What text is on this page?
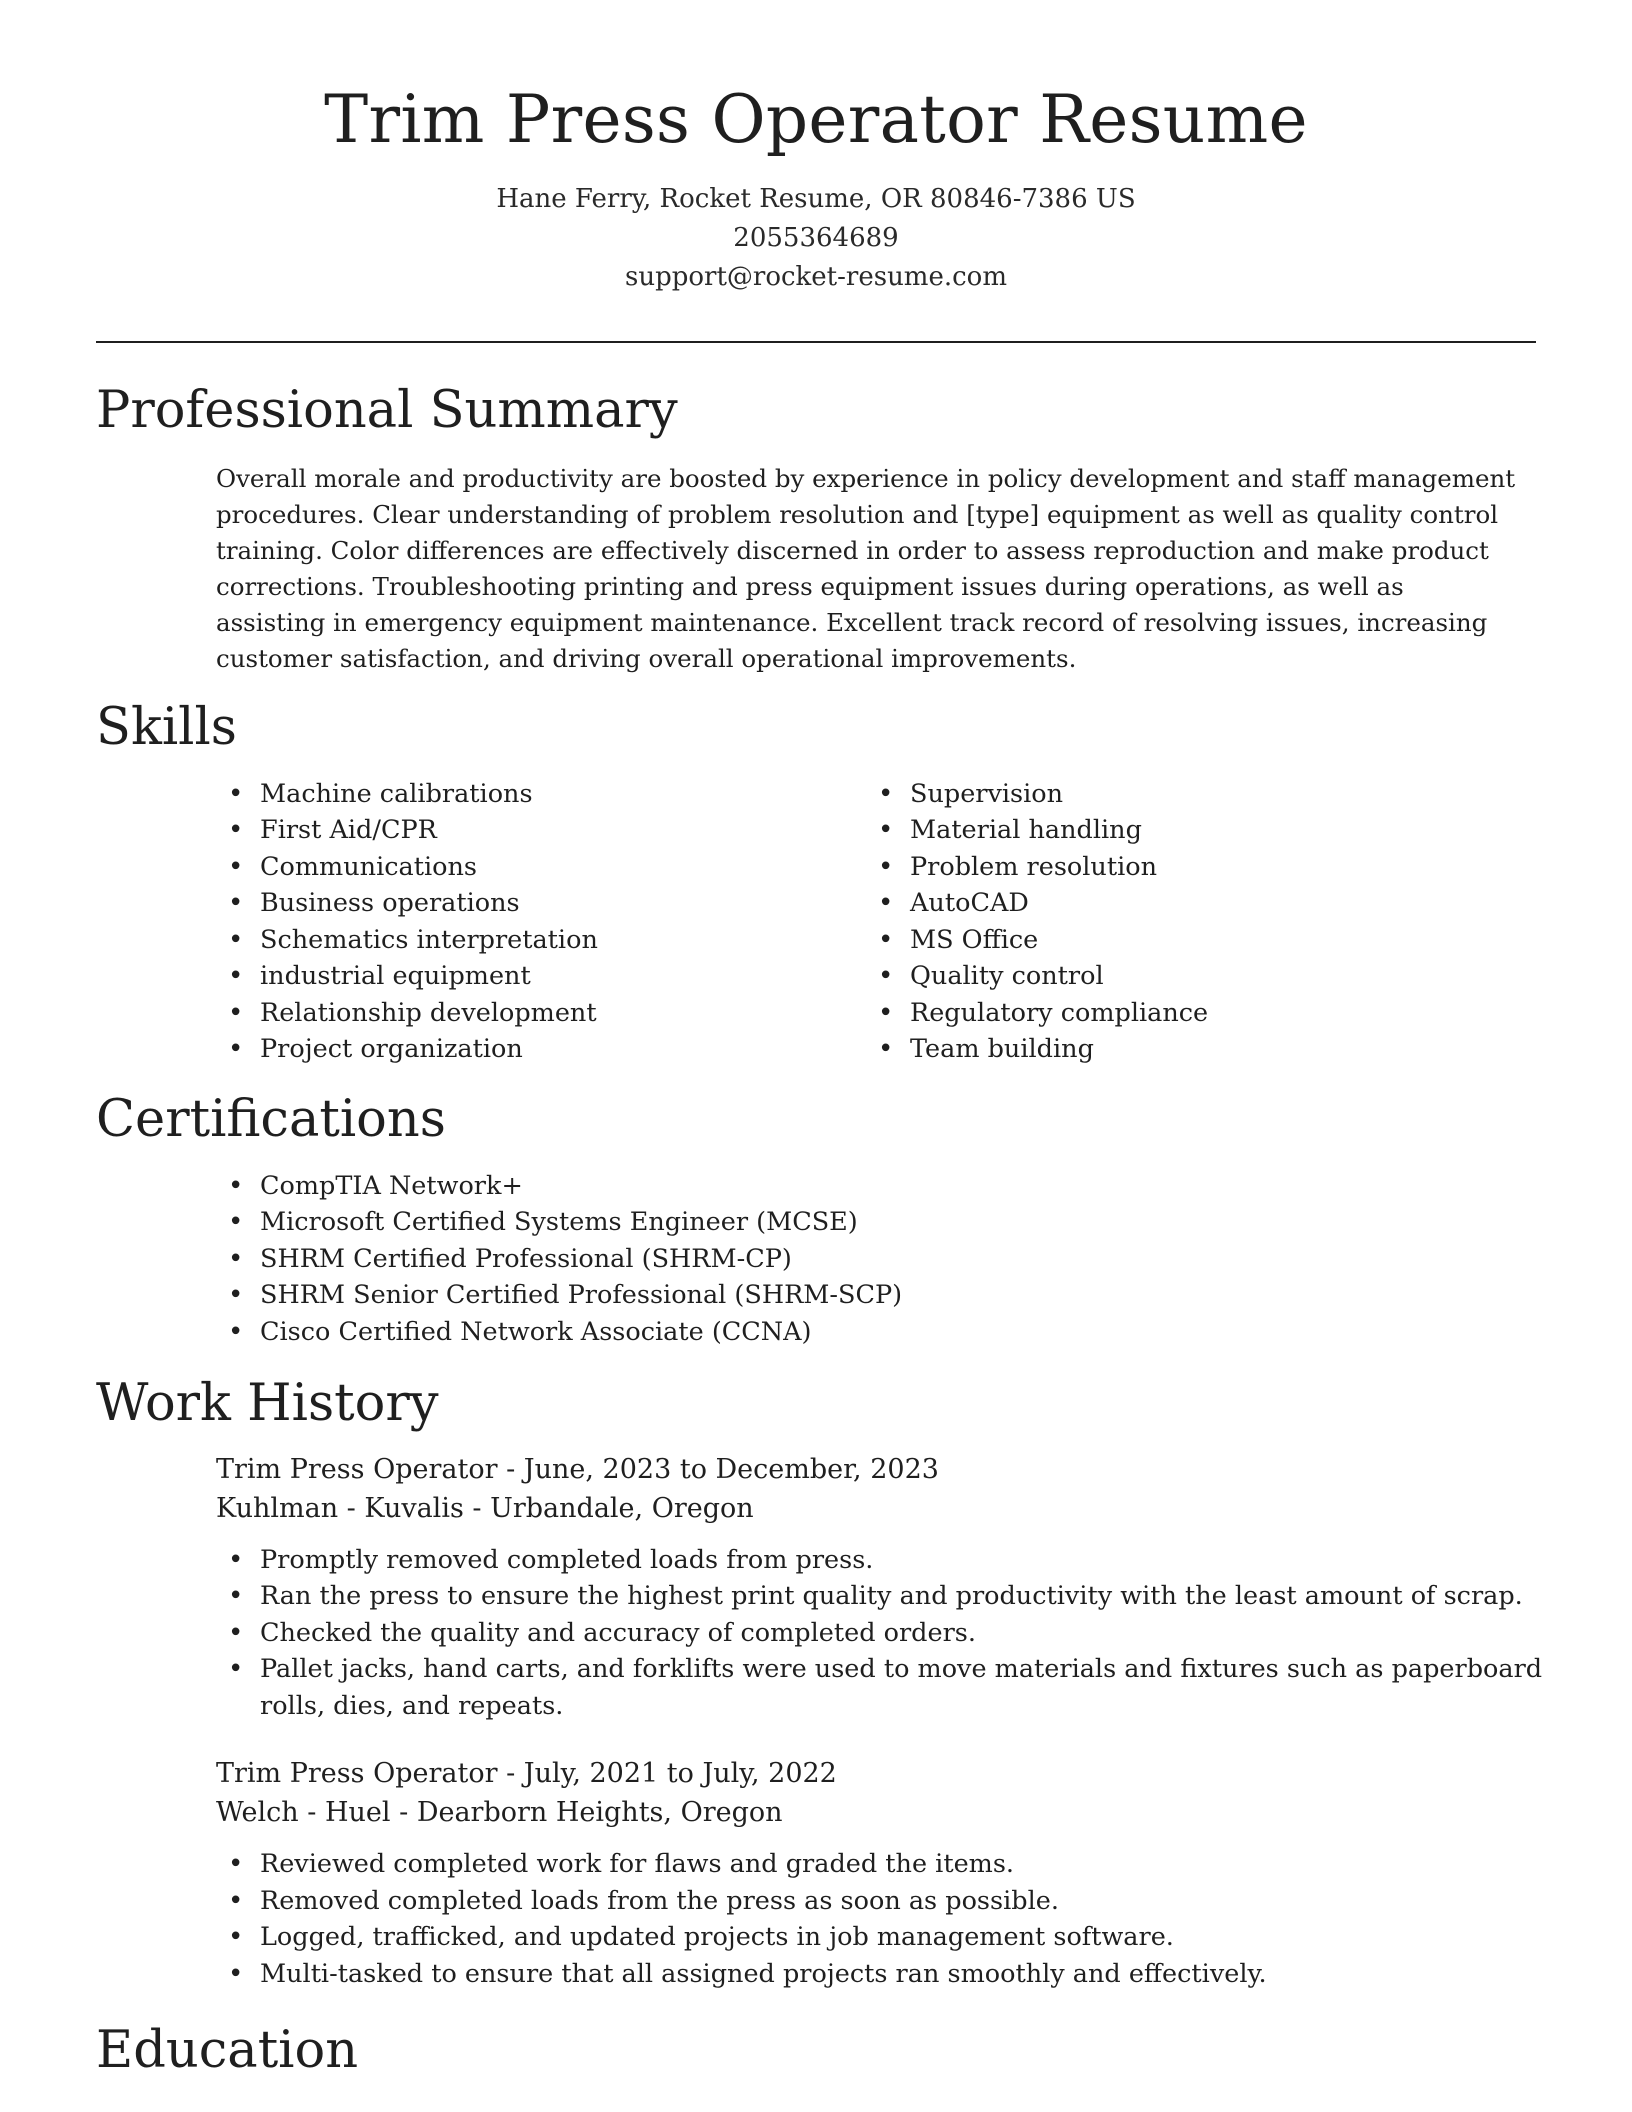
Trim Press Operator Resume
Hane Ferry, Rocket Resume, OR 80846-7386 US
2055364689
support@rocket-resume.com
Professional Summary
Overall morale and productivity are boosted by experience in policy development and staff management procedures. Clear understanding of problem resolution and [type] equipment as well as quality control training. Color differences are effectively discerned in order to assess reproduction and make product corrections. Troubleshooting printing and press equipment issues during operations, as well as assisting in emergency equipment maintenance. Excellent track record of resolving issues, increasing customer satisfaction, and driving overall operational improvements.
Skills
• Machine calibrations
• First Aid/CPR
• Communications
• Business operations
• Schematics interpretation
• industrial equipment
• Relationship development
• Project organization
• Supervision
• Material handling
• Problem resolution
• AutoCAD
• MS Office
• Quality control
• Regulatory compliance
• Team building
Certifications
• CompTIA Network+
• Microsoft Certified Systems Engineer (MCSE)
• SHRM Certified Professional (SHRM-CP)
• SHRM Senior Certified Professional (SHRM-SCP)
• Cisco Certified Network Associate (CCNA)
Work History
Trim Press Operator - June, 2023 to December, 2023
Kuhlman - Kuvalis - Urbandale, Oregon
• Promptly removed completed loads from press.
• Ran the press to ensure the highest print quality and productivity with the least amount of scrap.
• Checked the quality and accuracy of completed orders.
• Pallet jacks, hand carts, and forklifts were used to move materials and fixtures such as paperboard rolls, dies, and repeats.
Trim Press Operator - July, 2021 to July, 2022
Welch - Huel - Dearborn Heights, Oregon
• Reviewed completed work for flaws and graded the items.
• Removed completed loads from the press as soon as possible.
• Logged, trafficked, and updated projects in job management software.
• Multi-tasked to ensure that all assigned projects ran smoothly and effectively.
Education
